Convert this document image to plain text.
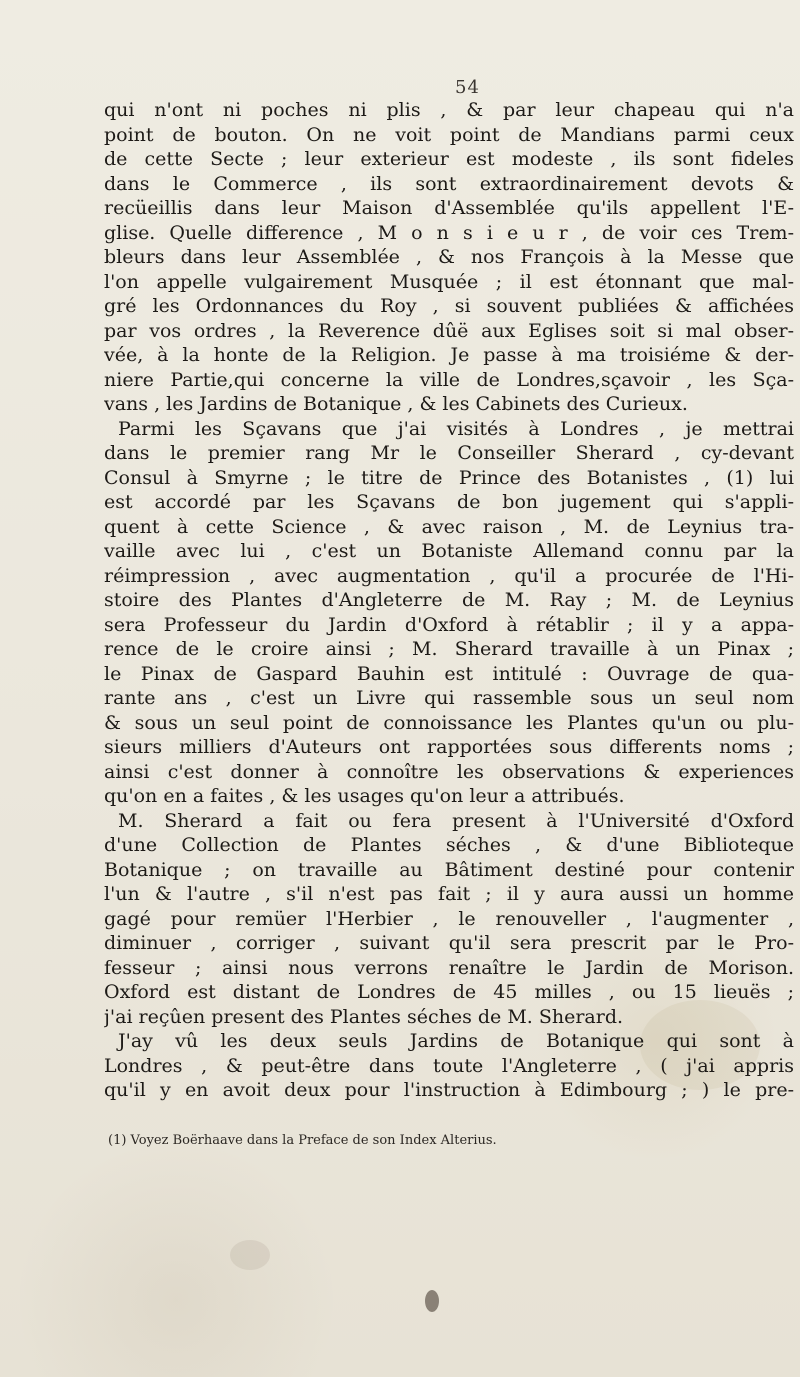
54
qui n'ont ni poches ni plis , & par leur chapeau qui n'a
point de bouton. On ne voit point de Mandians parmi ceux
de cette Secte ; leur exterieur est modeste , ils sont fideles
dans le Commerce , ils sont extraordinairement devots &
recüeillis dans leur Maison d'Assemblée qu'ils appellent l'E-
glise. Quelle difference , M o n s i e u r , de voir ces Trem-
bleurs dans leur Assemblée , & nos François à la Messe que
l'on appelle vulgairement Musquée ; il est étonnant que mal-
gré les Ordonnances du Roy , si souvent publiées & affichées
par vos ordres , la Reverence dûë aux Eglises soit si mal obser-
vée, à la honte de la Religion. Je passe à ma troisiéme & der-
niere Partie,qui concerne la ville de Londres,sçavoir , les Sça-
vans , les Jardins de Botanique , & les Cabinets des Curieux.
Parmi les Sçavans que j'ai visités à Londres , je mettrai
dans le premier rang Mr le Conseiller Sherard , cy-devant
Consul à Smyrne ; le titre de Prince des Botanistes , (1) lui
est accordé par les Sçavans de bon jugement qui s'appli-
quent à cette Science , & avec raison , M. de Leynius tra-
vaille avec lui , c'est un Botaniste Allemand connu par la
réimpression , avec augmentation , qu'il a procurée de l'Hi-
stoire des Plantes d'Angleterre de M. Ray ; M. de Leynius
sera Professeur du Jardin d'Oxford à rétablir ; il y a appa-
rence de le croire ainsi ; M. Sherard travaille à un Pinax ;
le Pinax de Gaspard Bauhin est intitulé : Ouvrage de qua-
rante ans , c'est un Livre qui rassemble sous un seul nom
& sous un seul point de connoissance les Plantes qu'un ou plu-
sieurs milliers d'Auteurs ont rapportées sous differents noms ;
ainsi c'est donner à connoître les observations & experiences
qu'on en a faites , & les usages qu'on leur a attribués.
M. Sherard a fait ou fera present à l'Université d'Oxford
d'une Collection de Plantes séches , & d'une Biblioteque
Botanique ; on travaille au Bâtiment destiné pour contenir
l'un & l'autre , s'il n'est pas fait ; il y aura aussi un homme
gagé pour remüer l'Herbier , le renouveller , l'augmenter ,
diminuer , corriger , suivant qu'il sera prescrit par le Pro-
fesseur ; ainsi nous verrons renaître le Jardin de Morison.
Oxford est distant de Londres de 45 milles , ou 15 lieuës ;
j'ai reçûen present des Plantes séches de M. Sherard.
J'ay vû les deux seuls Jardins de Botanique qui sont à
Londres , & peut-être dans toute l'Angleterre , ( j'ai appris
qu'il y en avoit deux pour l'instruction à Edimbourg ; ) le pre-
(1) Voyez Boërhaave dans la Preface de son Index Alterius.
